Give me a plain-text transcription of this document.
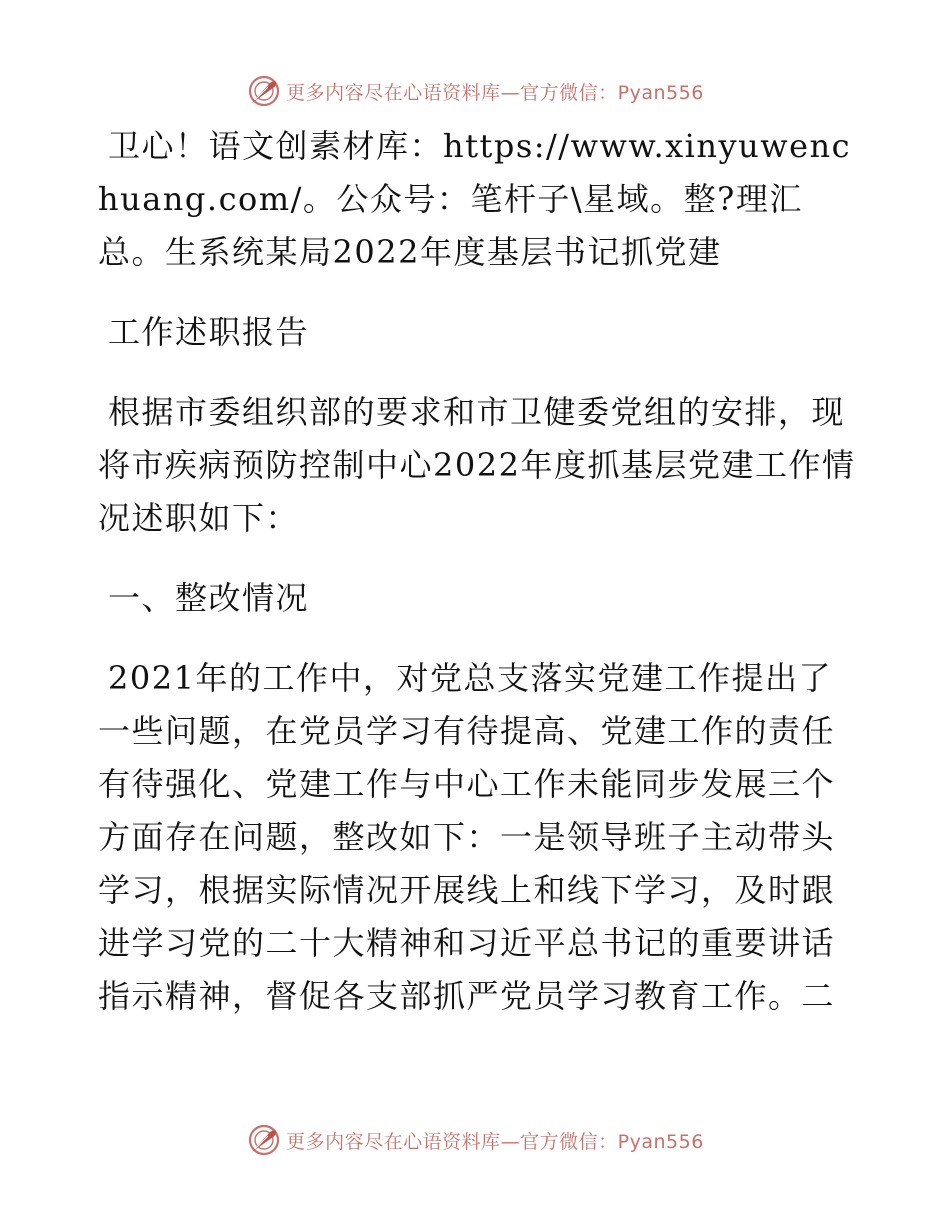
更多内容尽在心语资料库—官方微信：Pyan556

卫心！语文创素材库：https://www.xinyuwenchuang.com/。公众号：笔杆子\星域。整?理汇总。生系统某局2022年度基层书记抓党建

工作述职报告

根据市委组织部的要求和市卫健委党组的安排，现将市疾病预防控制中心2022年度抓基层党建工作情况述职如下：

一、整改情况

2021年的工作中，对党总支落实党建工作提出了一些问题，在党员学习有待提高、党建工作的责任有待强化、党建工作与中心工作未能同步发展三个方面存在问题，整改如下：一是领导班子主动带头学习，根据实际情况开展线上和线下学习，及时跟进学习党的二十大精神和习近平总书记的重要讲话指示精神，督促各支部抓严党员学习教育工作。二

更多内容尽在心语资料库—官方微信：Pyan556
